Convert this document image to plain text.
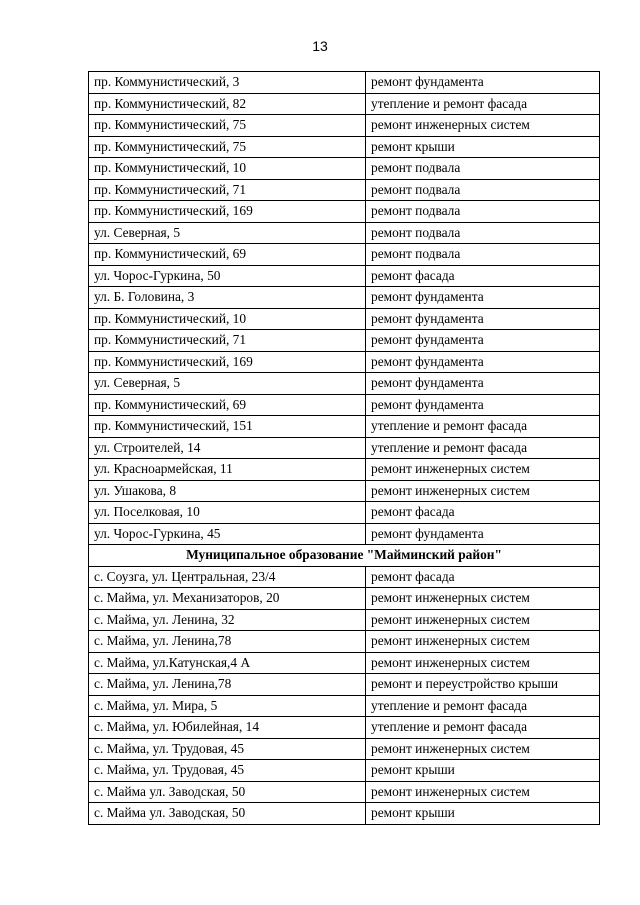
13
пр. Коммунистический, 3	ремонт фундамента
пр. Коммунистический, 82	утепление и ремонт фасада
пр. Коммунистический, 75	ремонт инженерных систем
пр. Коммунистический, 75	ремонт крыши
пр. Коммунистический, 10	ремонт подвала
пр. Коммунистический, 71	ремонт подвала
пр. Коммунистический, 169	ремонт подвала
ул. Северная, 5	ремонт подвала
пр. Коммунистический, 69	ремонт подвала
ул. Чорос-Гуркина, 50	ремонт фасада
ул. Б. Головина, 3	ремонт фундамента
пр. Коммунистический, 10	ремонт фундамента
пр. Коммунистический, 71	ремонт фундамента
пр. Коммунистический, 169	ремонт фундамента
ул. Северная, 5	ремонт фундамента
пр. Коммунистический, 69	ремонт фундамента
пр. Коммунистический, 151	утепление и ремонт фасада
ул. Строителей, 14	утепление и ремонт фасада
ул. Красноармейская, 11	ремонт инженерных систем
ул. Ушакова, 8	ремонт инженерных систем
ул. Поселковая, 10	ремонт фасада
ул. Чорос-Гуркина, 45	ремонт фундамента
Муниципальное образование "Майминский район"	
с. Соузга, ул. Центральная, 23/4	ремонт фасада
с. Майма, ул. Механизаторов, 20	ремонт инженерных систем
с. Майма, ул. Ленина, 32	ремонт инженерных систем
с. Майма, ул. Ленина,78	ремонт инженерных систем
с. Майма, ул.Катунская,4 А	ремонт инженерных систем
с. Майма, ул. Ленина,78	ремонт и переустройство крыши
с. Майма, ул. Мира, 5	утепление и ремонт фасада
с. Майма, ул. Юбилейная, 14	утепление и ремонт фасада
с. Майма, ул. Трудовая, 45	ремонт инженерных систем
с. Майма, ул. Трудовая, 45	ремонт крыши
с. Майма ул. Заводская, 50	ремонт инженерных систем
с. Майма ул. Заводская, 50	ремонт крыши
